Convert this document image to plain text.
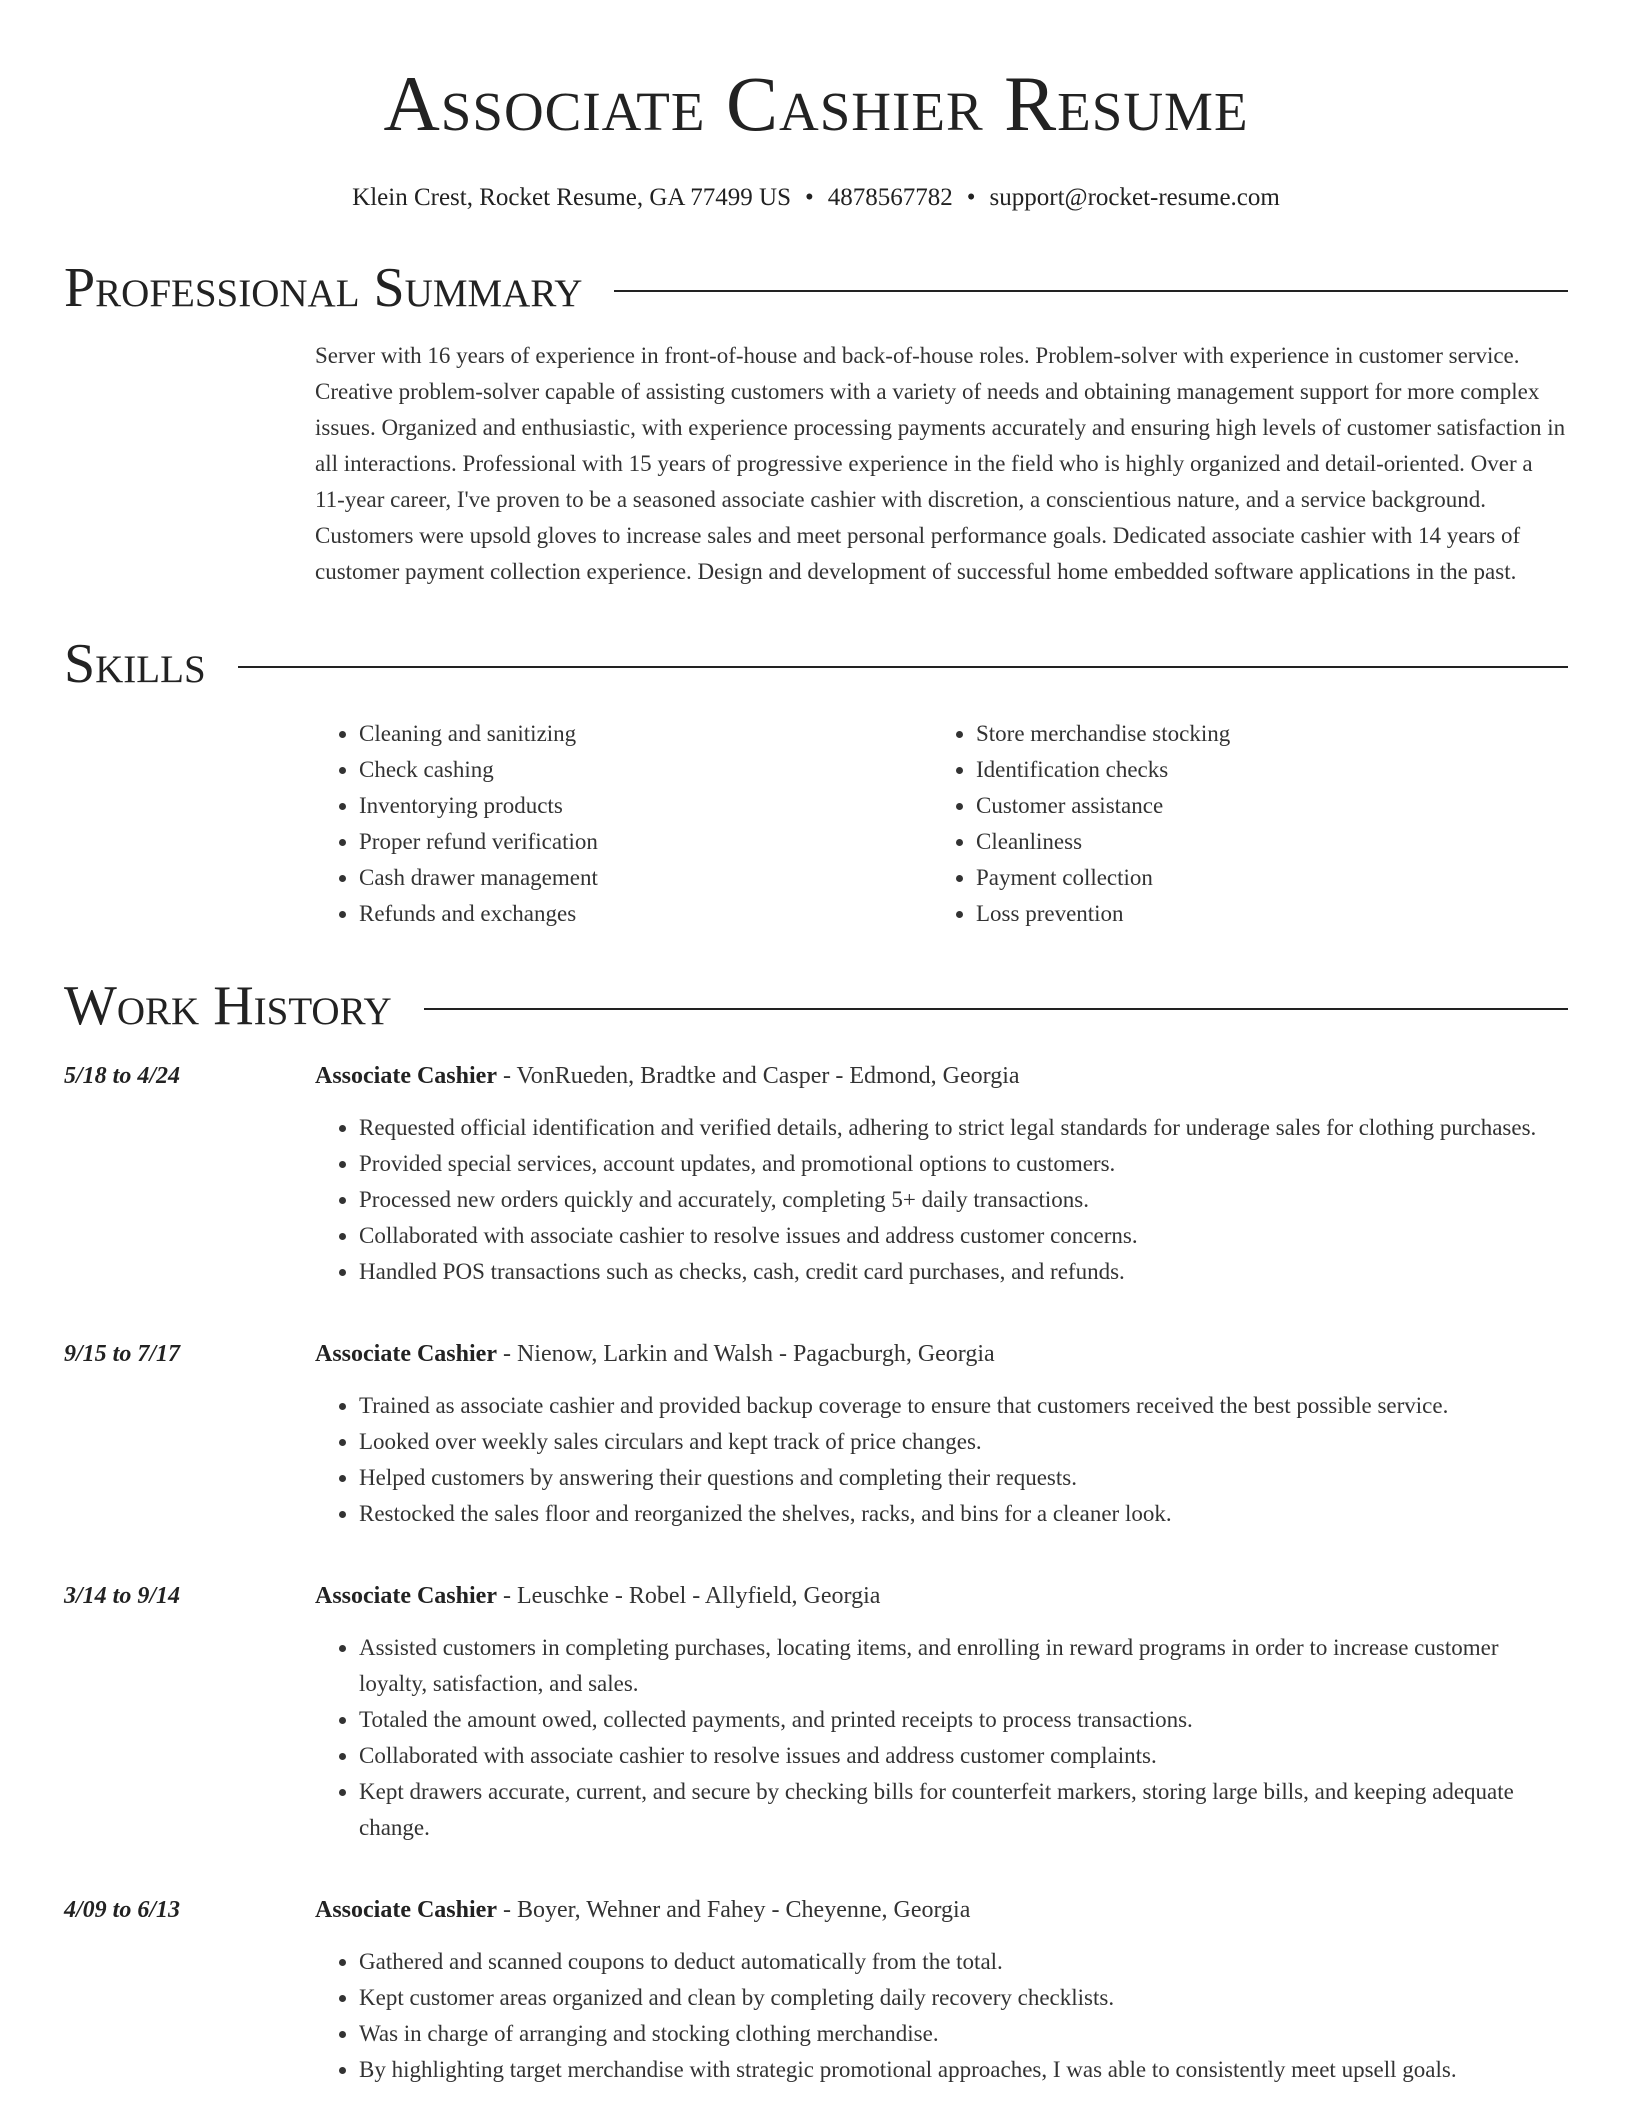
Associate Cashier Resume
Klein Crest, Rocket Resume, GA 77499 US • 4878567782 • support@rocket-resume.com
Professional Summary
Server with 16 years of experience in front-of-house and back-of-house roles. Problem-solver with experience in customer service. Creative problem-solver capable of assisting customers with a variety of needs and obtaining management support for more complex issues. Organized and enthusiastic, with experience processing payments accurately and ensuring high levels of customer satisfaction in all interactions. Professional with 15 years of progressive experience in the field who is highly organized and detail-oriented. Over a 11-year career, I've proven to be a seasoned associate cashier with discretion, a conscientious nature, and a service background. Customers were upsold gloves to increase sales and meet personal performance goals. Dedicated associate cashier with 14 years of customer payment collection experience. Design and development of successful home embedded software applications in the past.
Skills
• Cleaning and sanitizing
• Check cashing
• Inventorying products
• Proper refund verification
• Cash drawer management
• Refunds and exchanges
• Store merchandise stocking
• Identification checks
• Customer assistance
• Cleanliness
• Payment collection
• Loss prevention
Work History
5/18 to 4/24	Associate Cashier - VonRueden, Bradtke and Casper - Edmond, Georgia
• Requested official identification and verified details, adhering to strict legal standards for underage sales for clothing purchases.
• Provided special services, account updates, and promotional options to customers.
• Processed new orders quickly and accurately, completing 5+ daily transactions.
• Collaborated with associate cashier to resolve issues and address customer concerns.
• Handled POS transactions such as checks, cash, credit card purchases, and refunds.
9/15 to 7/17	Associate Cashier - Nienow, Larkin and Walsh - Pagacburgh, Georgia
• Trained as associate cashier and provided backup coverage to ensure that customers received the best possible service.
• Looked over weekly sales circulars and kept track of price changes.
• Helped customers by answering their questions and completing their requests.
• Restocked the sales floor and reorganized the shelves, racks, and bins for a cleaner look.
3/14 to 9/14	Associate Cashier - Leuschke - Robel - Allyfield, Georgia
• Assisted customers in completing purchases, locating items, and enrolling in reward programs in order to increase customer loyalty, satisfaction, and sales.
• Totaled the amount owed, collected payments, and printed receipts to process transactions.
• Collaborated with associate cashier to resolve issues and address customer complaints.
• Kept drawers accurate, current, and secure by checking bills for counterfeit markers, storing large bills, and keeping adequate change.
4/09 to 6/13	Associate Cashier - Boyer, Wehner and Fahey - Cheyenne, Georgia
• Gathered and scanned coupons to deduct automatically from the total.
• Kept customer areas organized and clean by completing daily recovery checklists.
• Was in charge of arranging and stocking clothing merchandise.
• By highlighting target merchandise with strategic promotional approaches, I was able to consistently meet upsell goals.
